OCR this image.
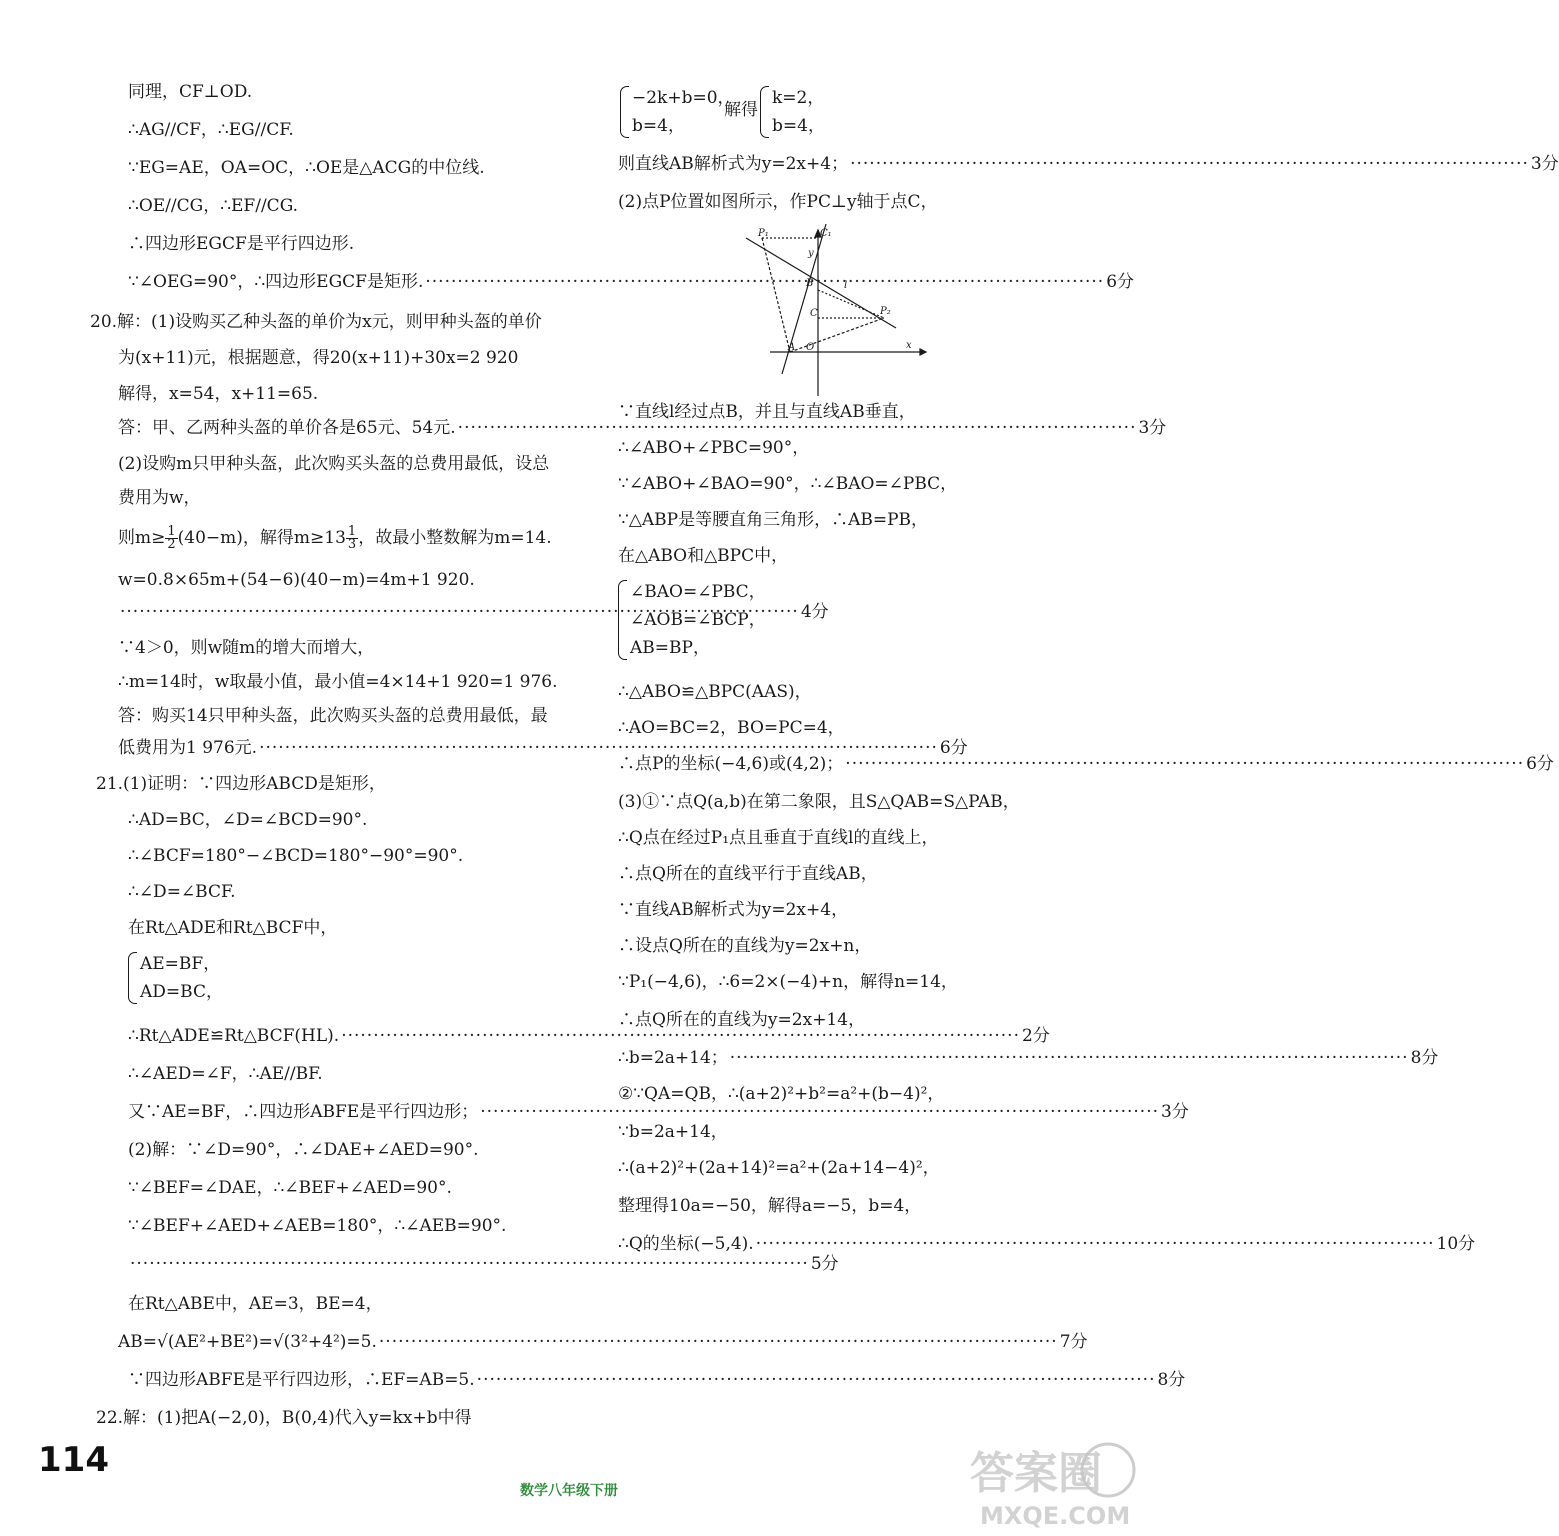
同理，CF⊥OD.
∴AG//CF，∴EG//CF.
∵EG=AE，OA=OC，∴OE是△ACG的中位线.
∴OE//CG，∴EF//CG.
∴四边形EGCF是平行四边形.
∵∠OEG=90°，∴四边形EGCF是矩形. ·····	6分
20.解：(1)设购买乙种头盔的单价为x元，则甲种头盔的单价
为(x+11)元，根据题意，得20(x+11)+30x=2 920
解得，x=54，x+11=65.
答：甲、乙两种头盔的单价各是65元、54元. ·····	3分
(2)设购m只甲种头盔，此次购买头盔的总费用最低，设总
费用为w，
则$m\ge \frac{1}{2} (40-m)$，解得$m\ge 13 \frac{1}{3}$ ，故最小整数解为m=14.
w=0.8×65m+(54−6)(40−m)=4m+1 920.
·····
4分
∵4＞0，则w随m的增大而增大，
∴m=14时，w取最小值，最小值=4×14+1 920=1 976.
答：购买14只甲种头盔，此次购买头盔的总费用最低，最
低费用为1 976元. ·····	6分
21.(1)证明：∵四边形ABCD是矩形，
∴AD=BC，∠D=∠BCD=90°.
∴∠BCF=180°−∠BCD=180°−90°=90°.
∴∠D=∠BCF.
在Rt△ADE和Rt△BCF中，
AE=BF，
AD=BC，
∴Rt△ADE≌Rt△BCF(HL). ·····	2分
∴∠AED=∠F，∴AE//BF.
又∵AE=BF，∴四边形ABFE是平行四边形； ·····	3分
(2)解：∵∠D=90°，∴∠DAE+∠AED=90°.
∵∠BEF=∠DAE，∴∠BEF+∠AED=90°.
∵∠BEF+∠AED+∠AEB=180°，∴∠AEB=90°.
·····
5分
在Rt△ABE中，AE=3，BE=4，
AB=√(AE²+BE²)=√(3²+4²)=5. ·····	7分
∵四边形ABFE是平行四边形，∴EF=AB=5. ·····	8分
22.解：(1)把A(−2,0)，B(0,4)代入y=kx+b中得
−2k+b=0，
b=4，
解得
k=2，
b=4，
则直线AB解析式为y=2x+4； ·····	3分
(2)点P位置如图所示，作PC⊥y轴于点C，
P₁	C₁
y
B	l
P₂
C
A O	x
∵直线l经过点B，并且与直线AB垂直，
∴∠ABO+∠PBC=90°，
∵∠ABO+∠BAO=90°，∴∠BAO=∠PBC，
∵△ABP是等腰直角三角形，∴AB=PB，
在△ABO和△BPC中，
∠BAO=∠PBC，
∠AOB=∠BCP，
AB=BP，
∴△ABO≌△BPC(AAS)，
∴AO=BC=2，BO=PC=4，
∴点P的坐标(−4,6)或(4,2)； ·····	6分
(3)①∵点Q(a,b)在第二象限，且S△QAB=S△PAB，
∴Q点在经过P₁点且垂直于直线l的直线上，
∴点Q所在的直线平行于直线AB，
∵直线AB解析式为y=2x+4，
∴设点Q所在的直线为y=2x+n，
∵P₁(−4,6)，∴6=2×(−4)+n，解得n=14，
∴点Q所在的直线为y=2x+14，
∴b=2a+14； ·····	8分
②∵QA=QB，∴(a+2)²+b²=a²+(b−4)²，
∵b=2a+14，
∴(a+2)²+(2a+14)²=a²+(2a+14−4)²，
整理得10a=−50，解得a=−5，b=4，
∴Q的坐标(−5,4). ·····	10分
114
数学八年级下册	答案圈
MXQE.COM
